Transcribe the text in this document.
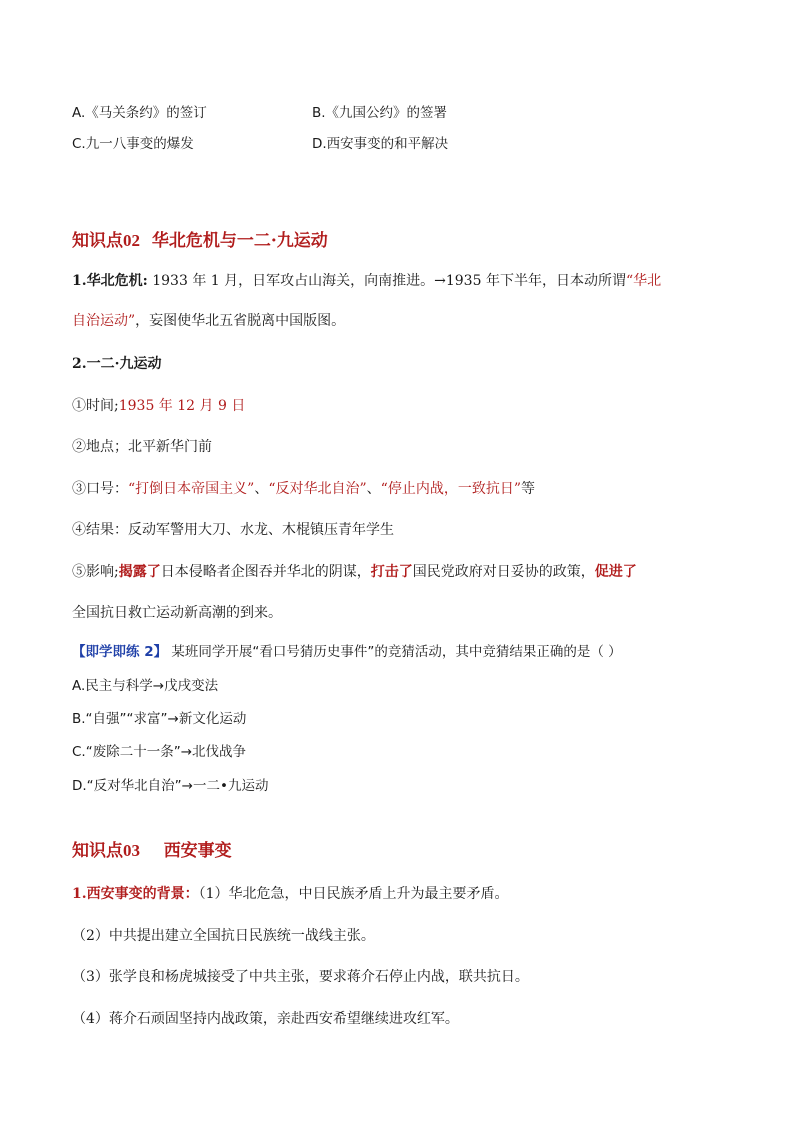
A.《马关条约》的签订	B.《九国公约》的签署
C.九一八事变的爆发	D.西安事变的和平解决
知识点02 华北危机与一二·九运动
1.华北危机: 1933 年 1 月，日军攻占山海关，向南推进。→1935 年下半年，日本动所谓“华北
自治运动”，妄图使华北五省脱离中国版图。
2.一二·九运动
①时间;1935 年 12 月 9 日
②地点；北平新华门前
③口号：“打倒日本帝国主义”、“反对华北自治”、“停止内战，一致抗日”等
④结果：反动军警用大刀、水龙、木棍镇压青年学生
⑤影响;揭露了日本侵略者企图吞并华北的阴谋，打击了国民党政府对日妥协的政策，促进了
全国抗日救亡运动新高潮的到来。
【即学即练 2】 某班同学开展“看口号猜历史事件”的竞猜活动，其中竞猜结果正确的是（ ）
A.民主与科学→戊戌变法
B.“自强”“求富”→新文化运动
C.“废除二十一条”→北伐战争
D.“反对华北自治”→一二•九运动
知识点03 西安事变
1.西安事变的背景：（1）华北危急，中日民族矛盾上升为最主要矛盾。
（2）中共提出建立全国抗日民族统一战线主张。
（3）张学良和杨虎城接受了中共主张，要求蒋介石停止内战，联共抗日。
（4）蒋介石顽固坚持内战政策，亲赴西安希望继续进攻红军。
